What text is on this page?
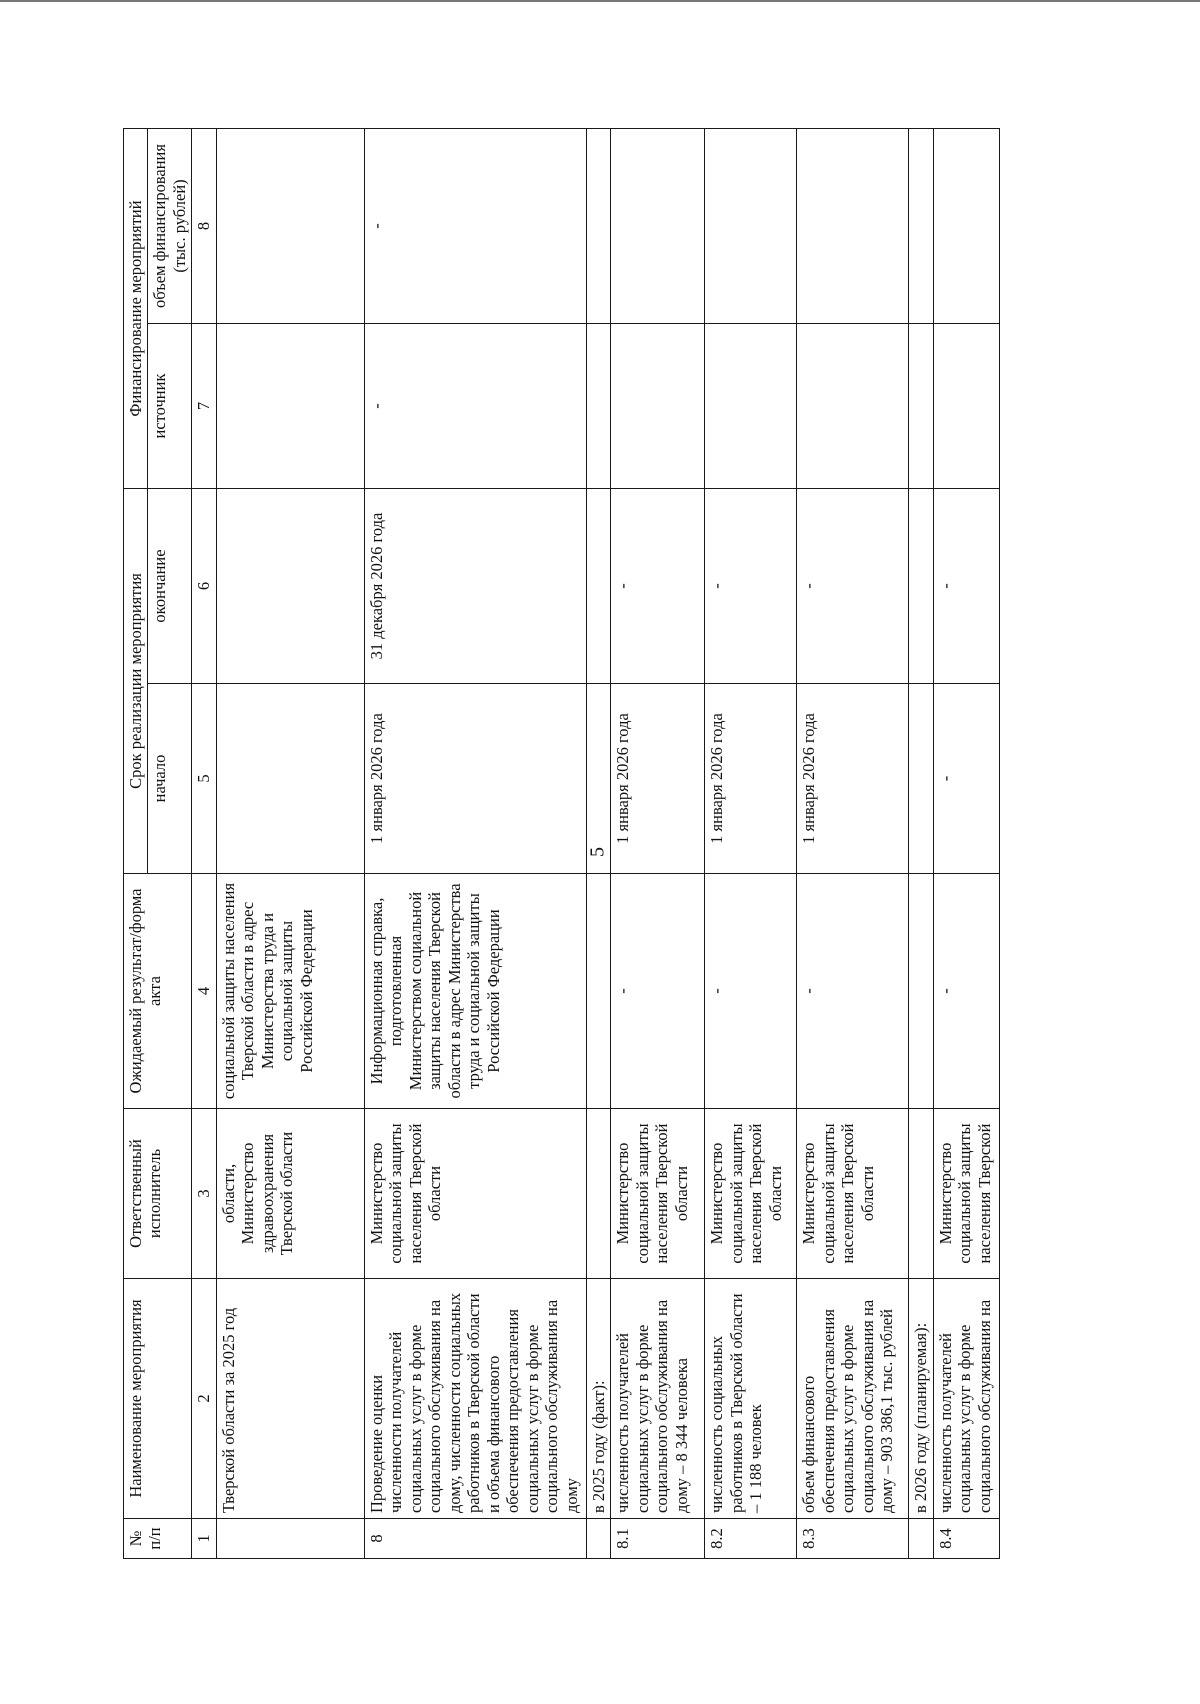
5
№ п/п	Наименование мероприятия	Ответственный исполнитель	Ожидаемый результат/форма акта	Срок реализации мероприятия		Финансирование мероприятий	
				начало	окончание	источник	объем финансирования (тыс. рублей)
1	2	3	4	5	6	7	8
	Тверской области за 2025 год	области, Министерство здравоохранения Тверской области	социальной защиты населения Тверской области в адрес Министерства труда и социальной защиты Российской Федерации				
8	Проведение оценки численности получателей социальных услуг в форме социального обслуживания на дому, численности социальных работников в Тверской области и объема финансового обеспечения предоставления социальных услуг в форме социального обслуживания на дому	Министерство социальной защиты населения Тверской области	Информационная справка, подготовленная Министерством социальной защиты населения Тверской области в адрес Министерства труда и социальной защиты Российской Федерации	1 января 2026 года	31 декабря 2026 года	-	-
	в 2025 году (факт):						
8.1	численность получателей социальных услуг в форме социального обслуживания на дому – 8 344 человека	Министерство социальной защиты населения Тверской области	-	1 января 2026 года	-		
8.2	численность социальных работников в Тверской области – 1 188 человек	Министерство социальной защиты населения Тверской области	-	1 января 2026 года	-		
8.3	объем финансового обеспечения предоставления социальных услуг в форме социального обслуживания на дому – 903 386,1 тыс. рублей	Министерство социальной защиты населения Тверской области	-	1 января 2026 года	-		
	в 2026 году (планируемая):						
8.4	численность получателей социальных услуг в форме социального обслуживания на	Министерство социальной защиты населения Тверской	-	-	-		
